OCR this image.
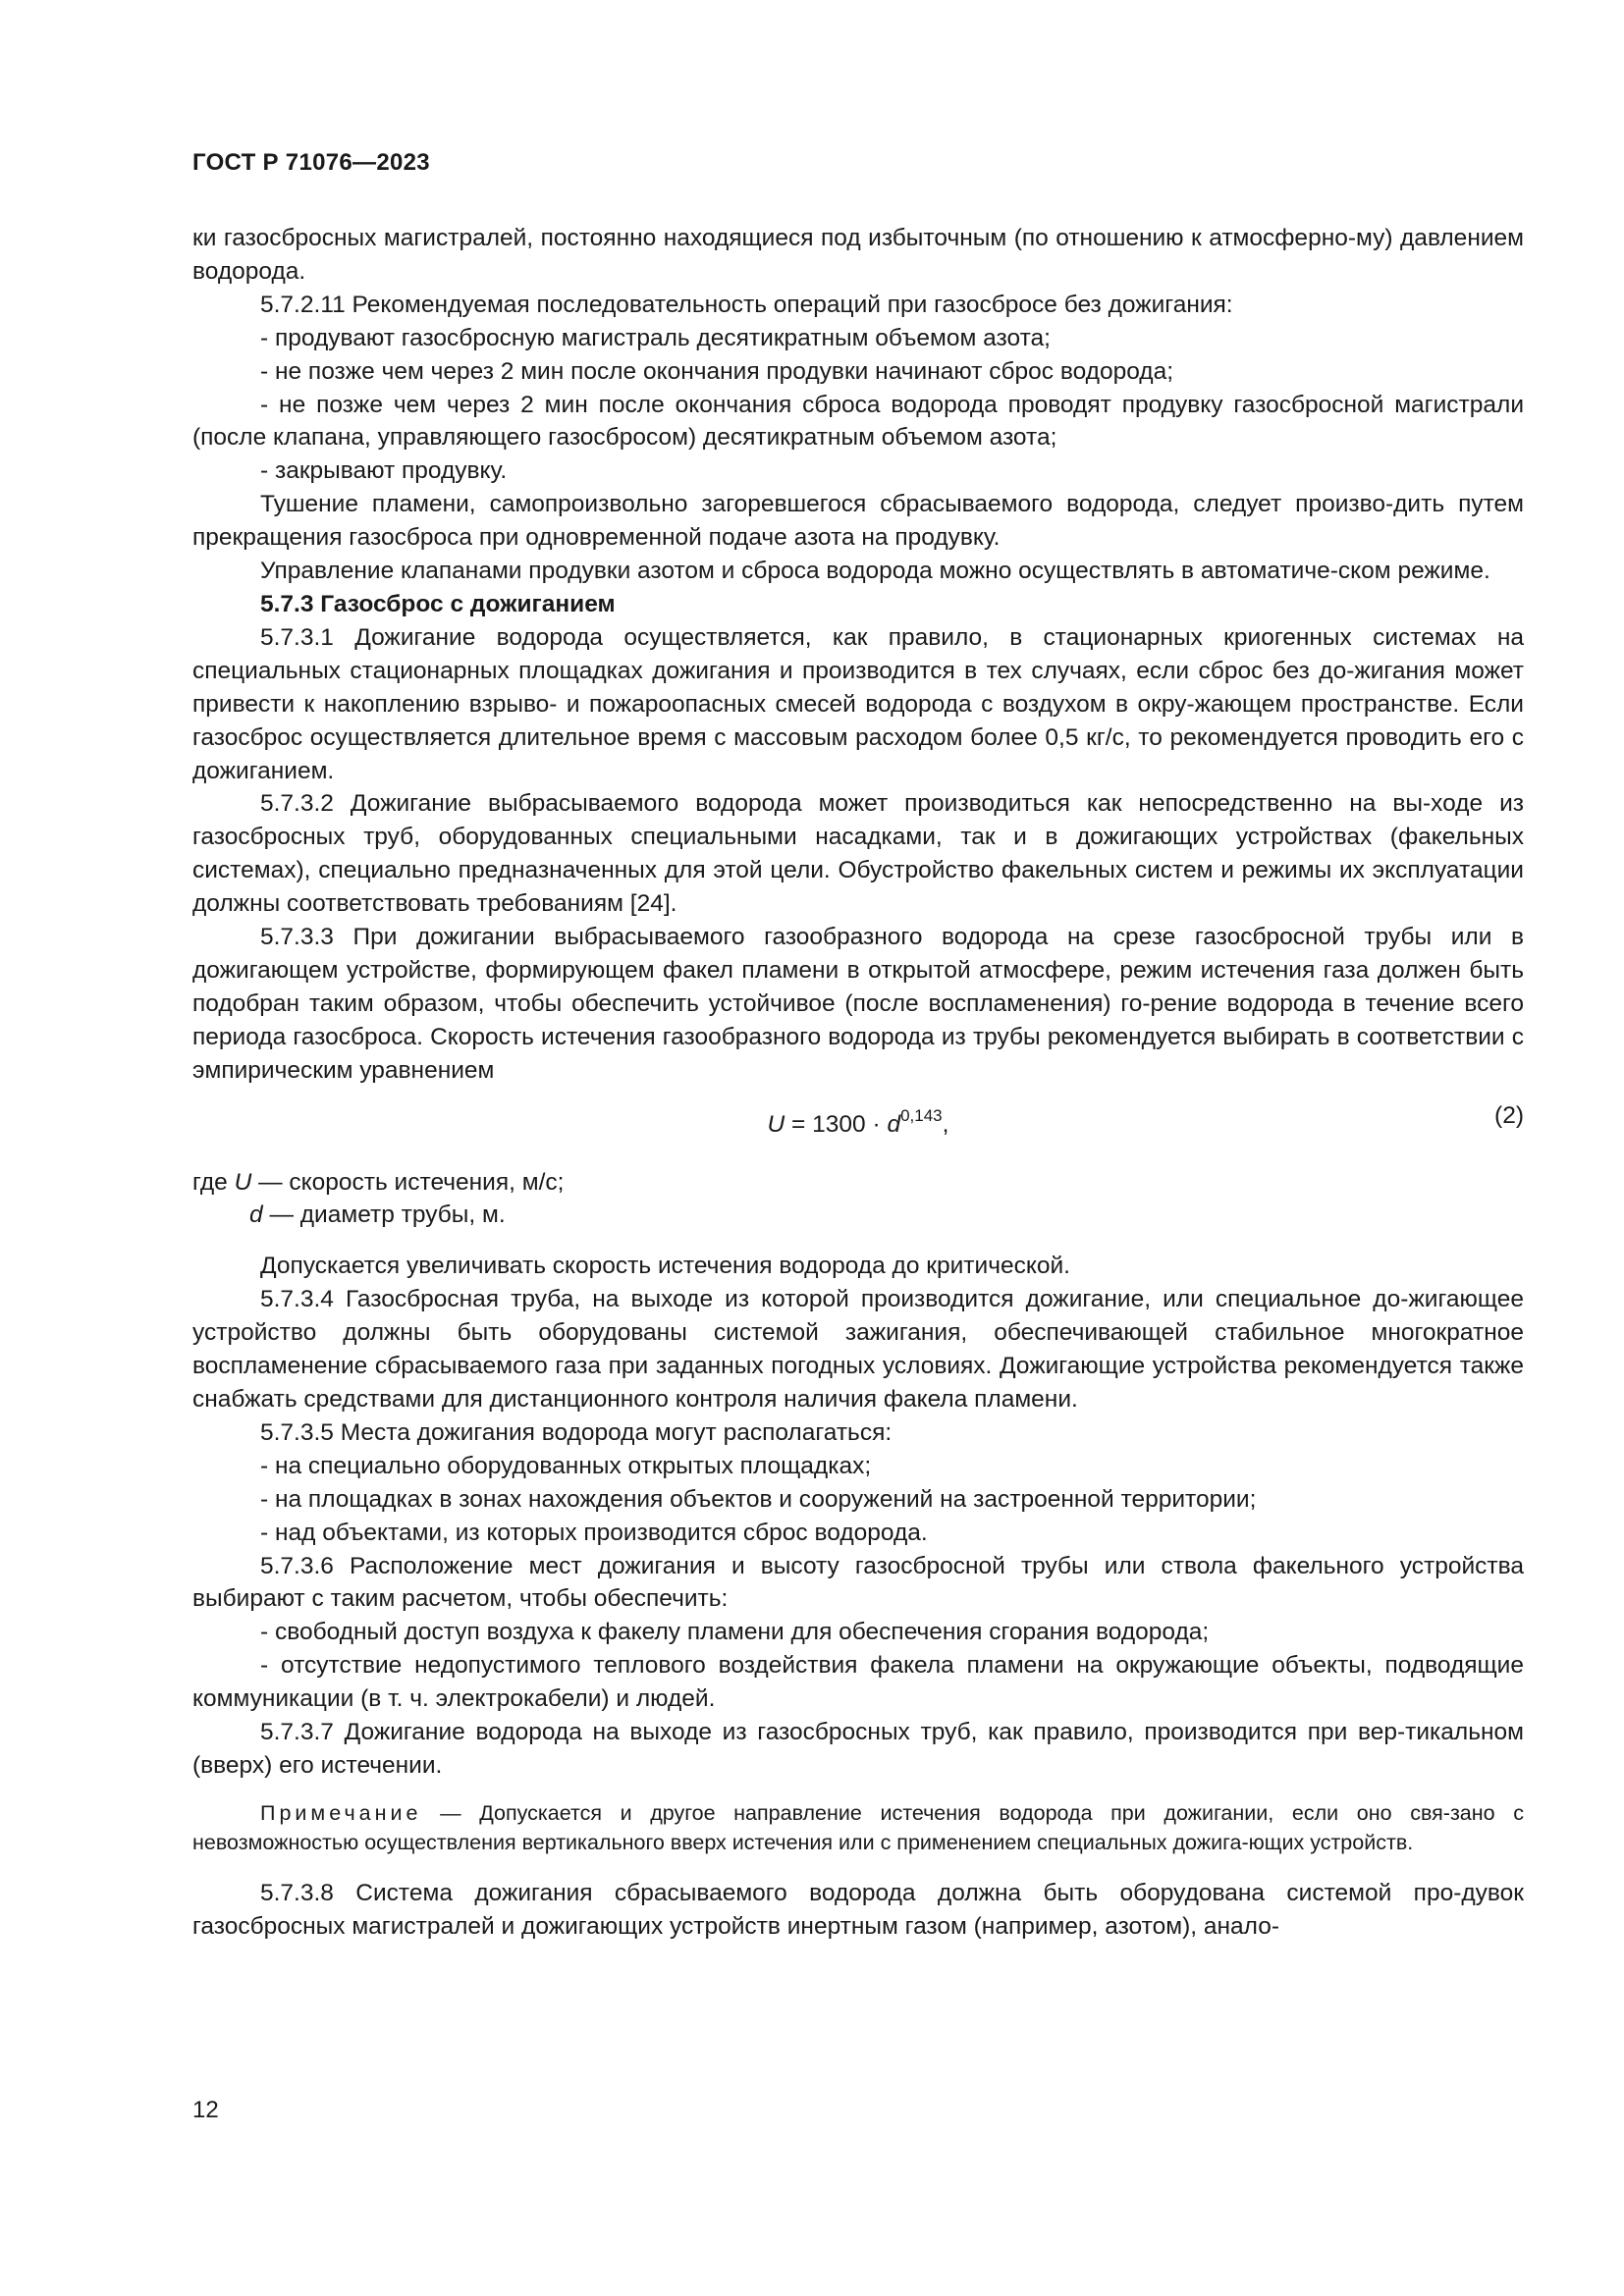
ГОСТ Р 71076—2023

ки газосбросных магистралей, постоянно находящиеся под избыточным (по отношению к атмосферно-му) давлением водорода.

5.7.2.11 Рекомендуемая последовательность операций при газосбросе без дожигания:

- продувают газосбросную магистраль десятикратным объемом азота;

- не позже чем через 2 мин после окончания продувки начинают сброс водорода;

- не позже чем через 2 мин после окончания сброса водорода проводят продувку газосбросной магистрали (после клапана, управляющего газосбросом) десятикратным объемом азота;

- закрывают продувку.

Тушение пламени, самопроизвольно загоревшегося сбрасываемого водорода, следует произво-дить путем прекращения газосброса при одновременной подаче азота на продувку.

Управление клапанами продувки азотом и сброса водорода можно осуществлять в автоматиче-ском режиме.

5.7.3 Газосброс с дожиганием

5.7.3.1 Дожигание водорода осуществляется, как правило, в стационарных криогенных системах на специальных стационарных площадках дожигания и производится в тех случаях, если сброс без до-жигания может привести к накоплению взрыво- и пожароопасных смесей водорода с воздухом в окру-жающем пространстве. Если газосброс осуществляется длительное время с массовым расходом более 0,5 кг/с, то рекомендуется проводить его с дожиганием.

5.7.3.2 Дожигание выбрасываемого водорода может производиться как непосредственно на вы-ходе из газосбросных труб, оборудованных специальными насадками, так и в дожигающих устройствах (факельных системах), специально предназначенных для этой цели. Обустройство факельных систем и режимы их эксплуатации должны соответствовать требованиям [24].

5.7.3.3 При дожигании выбрасываемого газообразного водорода на срезе газосбросной трубы или в дожигающем устройстве, формирующем факел пламени в открытой атмосфере, режим истечения газа должен быть подобран таким образом, чтобы обеспечить устойчивое (после воспламенения) го-рение водорода в течение всего периода газосброса. Скорость истечения газообразного водорода из трубы рекомендуется выбирать в соответствии с эмпирическим уравнением

$U = 1300 \cdot d^{0,143}$,	(2)

где U — скорость истечения, м/с;

d — диаметр трубы, м.

Допускается увеличивать скорость истечения водорода до критической.

5.7.3.4 Газосбросная труба, на выходе из которой производится дожигание, или специальное до-жигающее устройство должны быть оборудованы системой зажигания, обеспечивающей стабильное многократное воспламенение сбрасываемого газа при заданных погодных условиях. Дожигающие устройства рекомендуется также снабжать средствами для дистанционного контроля наличия факела пламени.

5.7.3.5 Места дожигания водорода могут располагаться:

- на специально оборудованных открытых площадках;

- на площадках в зонах нахождения объектов и сооружений на застроенной территории;

- над объектами, из которых производится сброс водорода.

5.7.3.6 Расположение мест дожигания и высоту газосбросной трубы или ствола факельного устройства выбирают с таким расчетом, чтобы обеспечить:

- свободный доступ воздуха к факелу пламени для обеспечения сгорания водорода;

- отсутствие недопустимого теплового воздействия факела пламени на окружающие объекты, подводящие коммуникации (в т. ч. электрокабели) и людей.

5.7.3.7 Дожигание водорода на выходе из газосбросных труб, как правило, производится при вер-тикальном (вверх) его истечении.

Примечание — Допускается и другое направление истечения водорода при дожигании, если оно свя-зано с невозможностью осуществления вертикального вверх истечения или с применением специальных дожига-ющих устройств.

5.7.3.8 Система дожигания сбрасываемого водорода должна быть оборудована системой про-дувок газосбросных магистралей и дожигающих устройств инертным газом (например, азотом), анало-

12
